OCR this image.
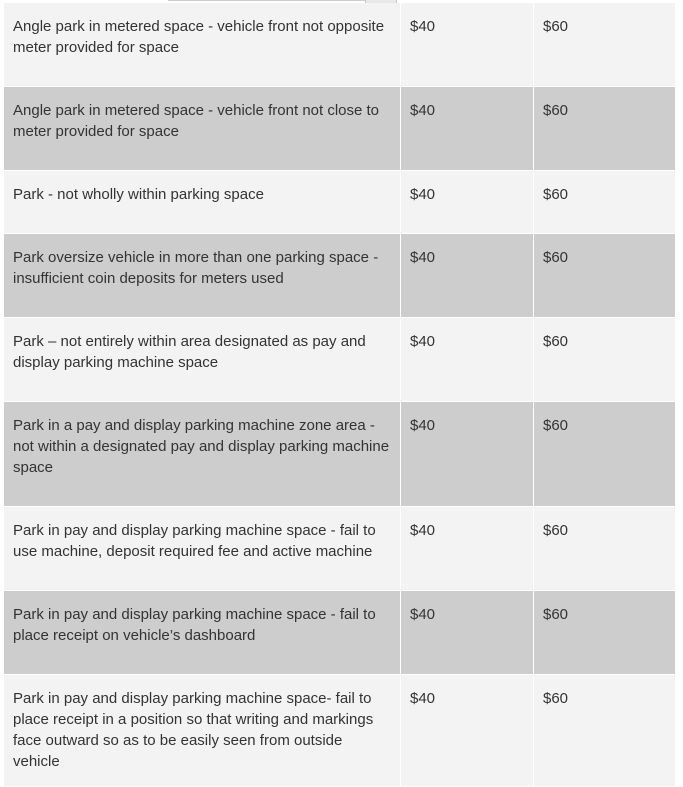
Angle park in metered space - vehicle front not opposite meter provided for space	$40	$60
Angle park in metered space - vehicle front not close to meter provided for space	$40	$60
Park - not wholly within parking space	$40	$60
Park oversize vehicle in more than one parking space - insufficient coin deposits for meters used	$40	$60
Park – not entirely within area designated as pay and display parking machine space	$40	$60
Park in a pay and display parking machine zone area - not within a designated pay and display parking machine space	$40	$60
Park in pay and display parking machine space - fail to use machine, deposit required fee and active machine	$40	$60
Park in pay and display parking machine space - fail to place receipt on vehicle’s dashboard	$40	$60
Park in pay and display parking machine space- fail to place receipt in a position so that writing and markings face outward so as to be easily seen from outside vehicle	$40	$60
